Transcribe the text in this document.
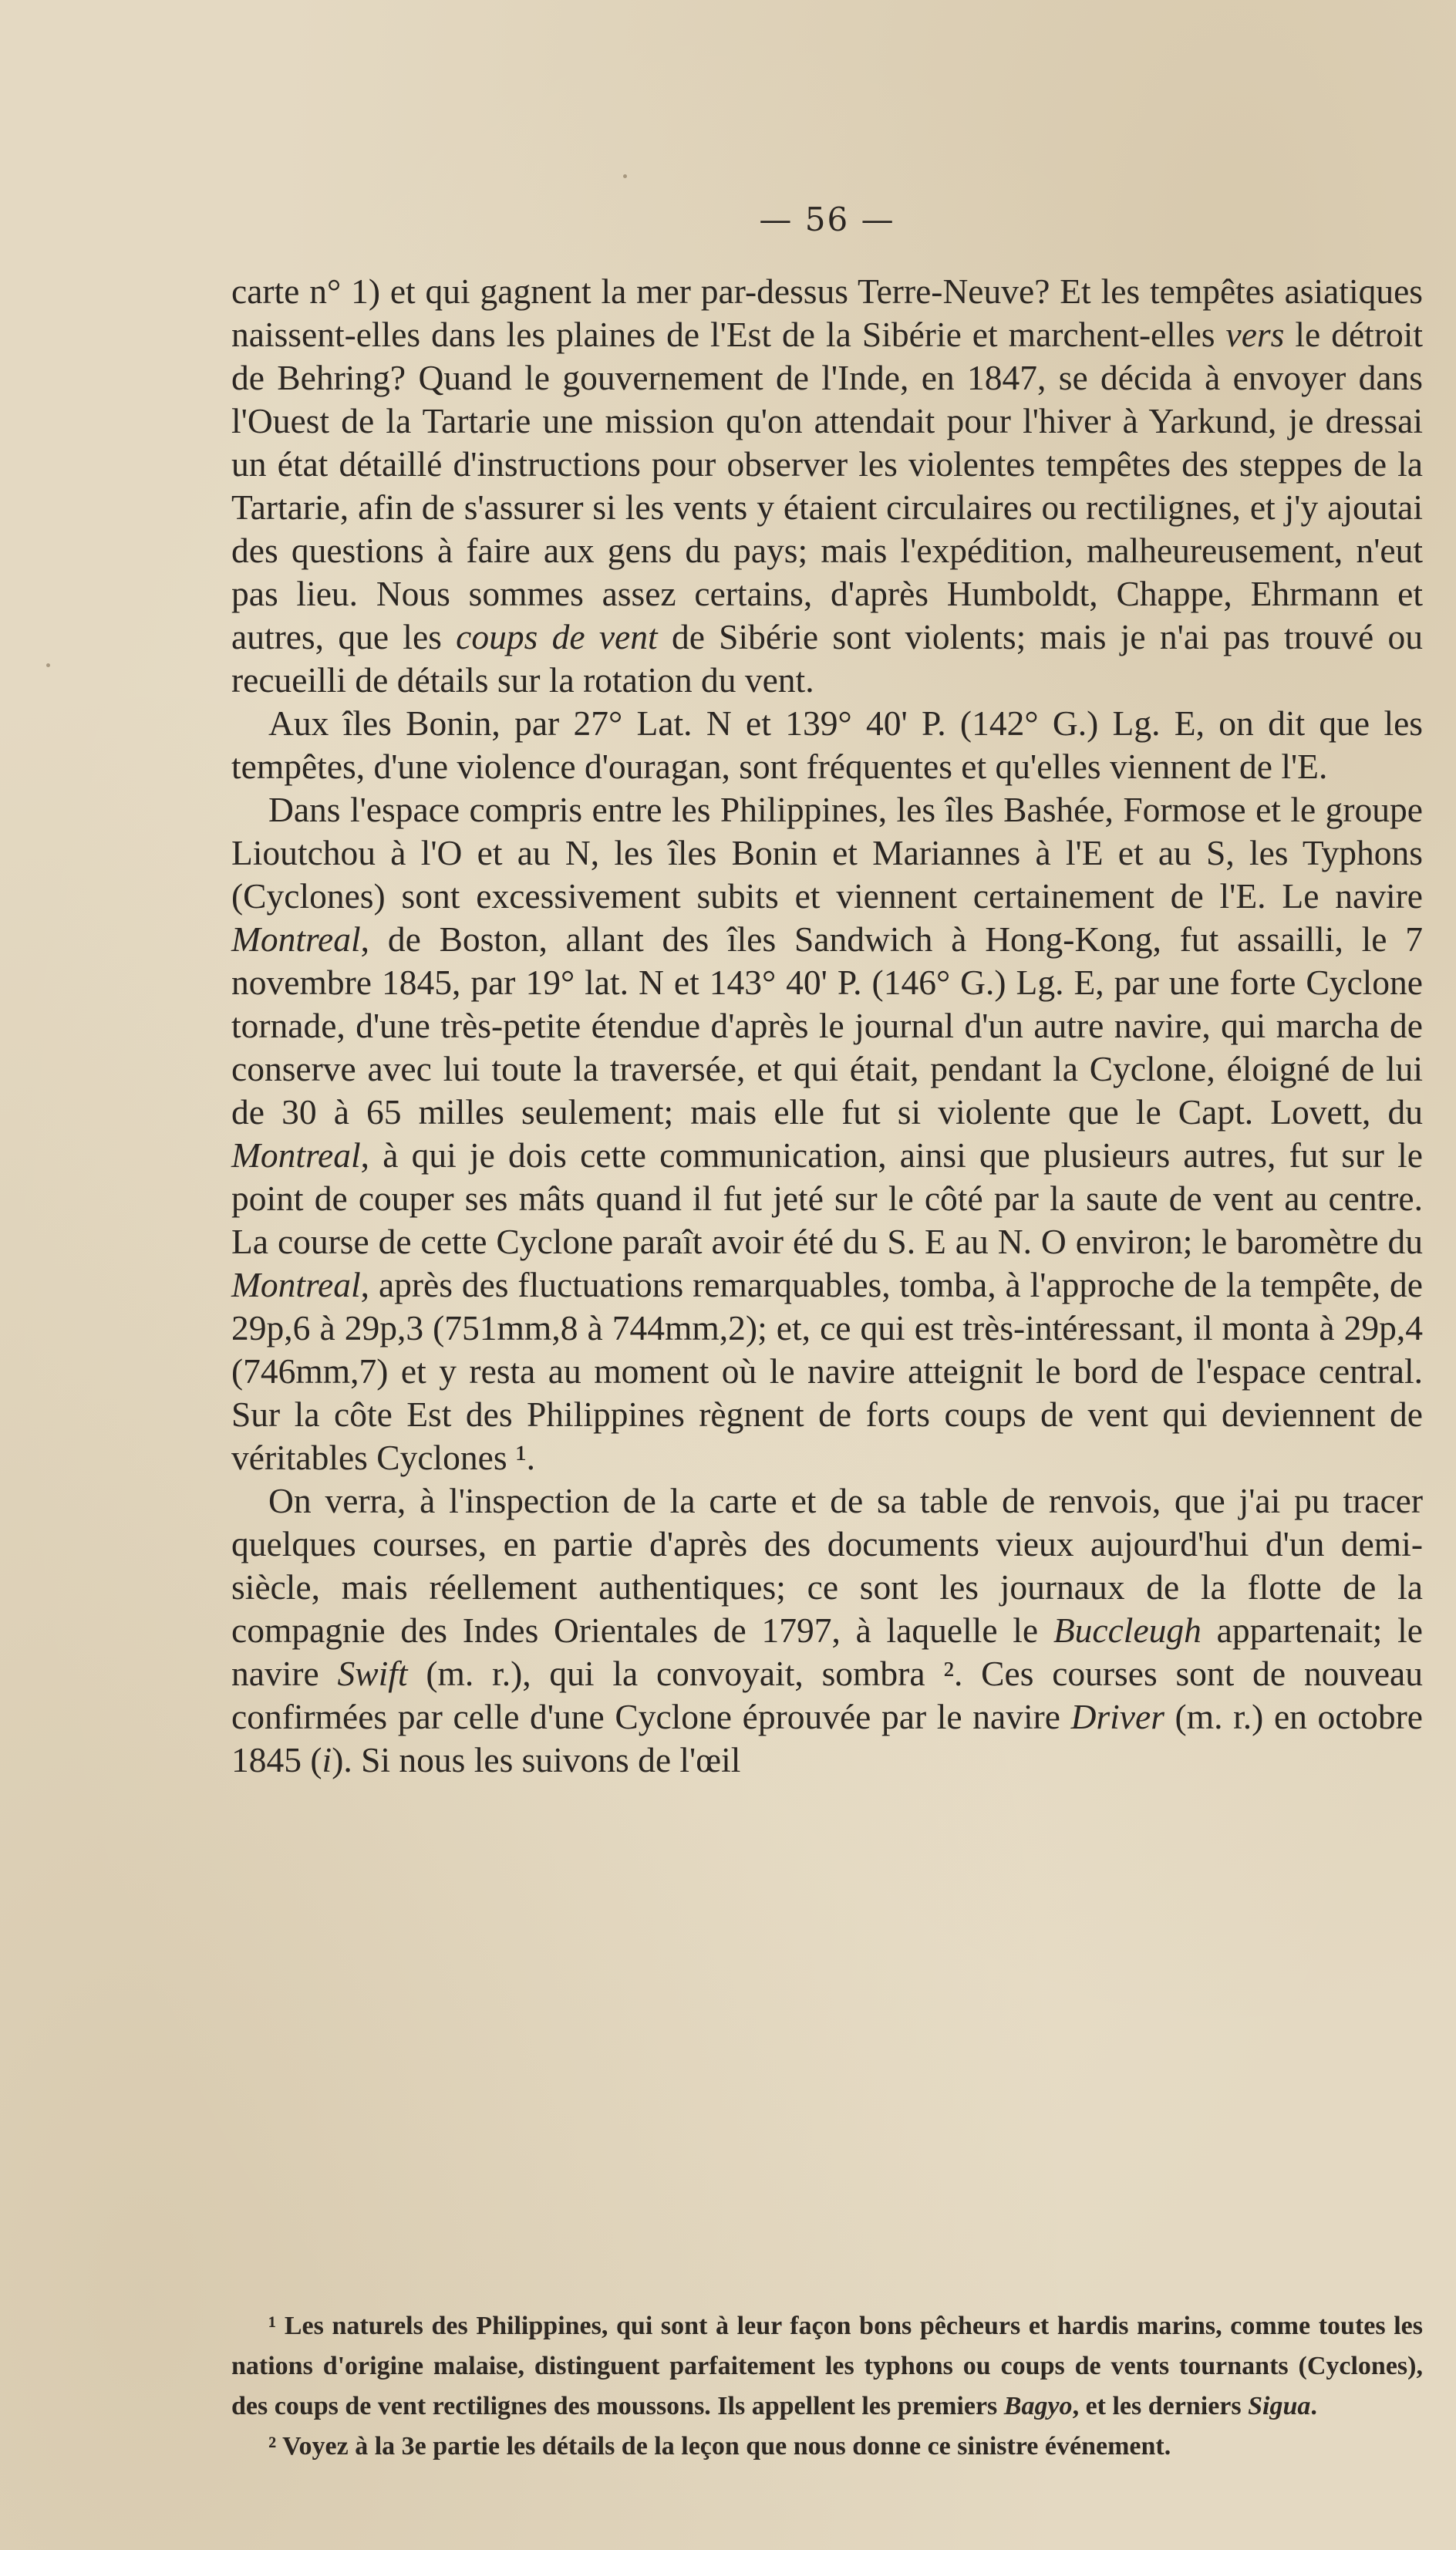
— 56 —

carte n° 1) et qui gagnent la mer par-dessus Terre-Neuve? Et les tempêtes asiatiques naissent-elles dans les plaines de l'Est de la Sibérie et marchent-elles vers le détroit de Behring? Quand le gouvernement de l'Inde, en 1847, se décida à envoyer dans l'Ouest de la Tartarie une mission qu'on attendait pour l'hiver à Yarkund, je dressai un état détaillé d'instructions pour observer les violentes tempêtes des steppes de la Tartarie, afin de s'assurer si les vents y étaient circulaires ou rectilignes, et j'y ajoutai des questions à faire aux gens du pays; mais l'expédition, malheureusement, n'eut pas lieu. Nous sommes assez certains, d'après Humboldt, Chappe, Ehrmann et autres, que les coups de vent de Sibérie sont violents; mais je n'ai pas trouvé ou recueilli de détails sur la rotation du vent.

Aux îles Bonin, par 27° Lat. N et 139° 40' P. (142° G.) Lg. E, on dit que les tempêtes, d'une violence d'ouragan, sont fréquentes et qu'elles viennent de l'E.

Dans l'espace compris entre les Philippines, les îles Bashée, Formose et le groupe Lioutchou à l'O et au N, les îles Bonin et Mariannes à l'E et au S, les Typhons (Cyclones) sont excessivement subits et viennent certainement de l'E. Le navire Montreal, de Boston, allant des îles Sandwich à Hong-Kong, fut assailli, le 7 novembre 1845, par 19° lat. N et 143° 40' P. (146° G.) Lg. E, par une forte Cyclone tornade, d'une très-petite étendue d'après le journal d'un autre navire, qui marcha de conserve avec lui toute la traversée, et qui était, pendant la Cyclone, éloigné de lui de 30 à 65 milles seulement; mais elle fut si violente que le Capt. Lovett, du Montreal, à qui je dois cette communication, ainsi que plusieurs autres, fut sur le point de couper ses mâts quand il fut jeté sur le côté par la saute de vent au centre. La course de cette Cyclone paraît avoir été du S. E au N. O environ; le baromètre du Montreal, après des fluctuations remarquables, tomba, à l'approche de la tempête, de 29p,6 à 29p,3 (751mm,8 à 744mm,2); et, ce qui est très-intéressant, il monta à 29p,4 (746mm,7) et y resta au moment où le navire atteignit le bord de l'espace central. Sur la côte Est des Philippines règnent de forts coups de vent qui deviennent de véritables Cyclones ¹.

On verra, à l'inspection de la carte et de sa table de renvois, que j'ai pu tracer quelques courses, en partie d'après des documents vieux aujourd'hui d'un demi-siècle, mais réellement authentiques; ce sont les journaux de la flotte de la compagnie des Indes Orientales de 1797, à laquelle le Buccleugh appartenait; le navire Swift (m. r.), qui la convoyait, sombra ². Ces courses sont de nouveau confirmées par celle d'une Cyclone éprouvée par le navire Driver (m. r.) en octobre 1845 (i). Si nous les suivons de l'œil

¹ Les naturels des Philippines, qui sont à leur façon bons pêcheurs et hardis marins, comme toutes les nations d'origine malaise, distinguent parfaitement les typhons ou coups de vents tournants (Cyclones), des coups de vent rectilignes des moussons. Ils appellent les premiers Bagyo, et les derniers Sigua.

² Voyez à la 3e partie les détails de la leçon que nous donne ce sinistre événement.
